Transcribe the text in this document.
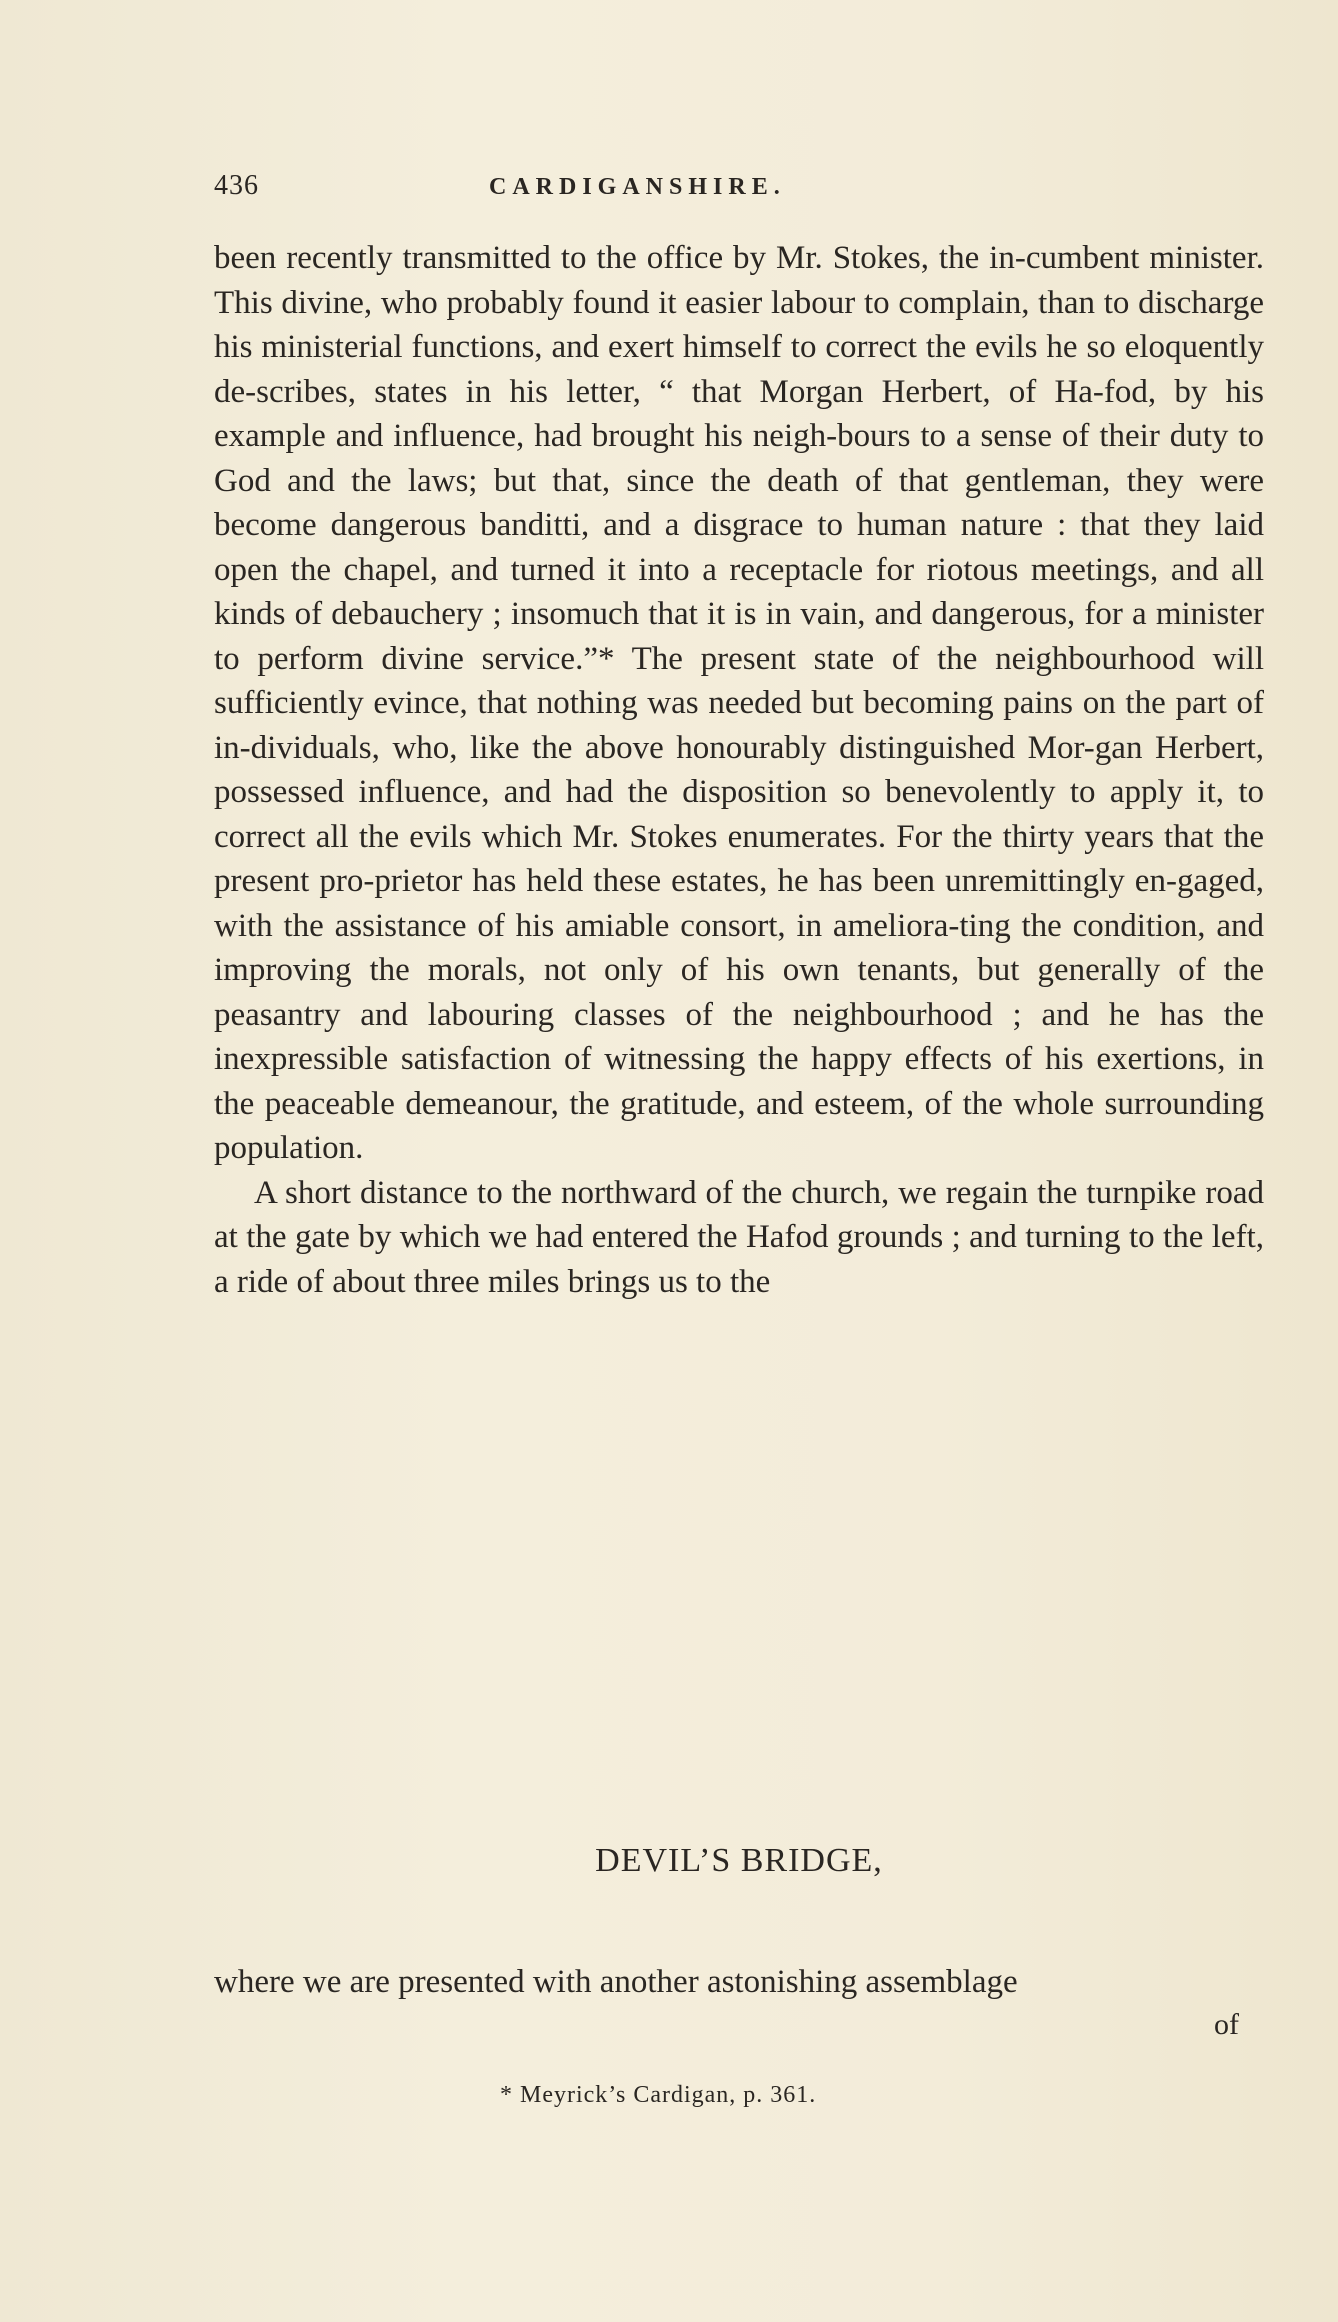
436	CARDIGANSHIRE.

been recently transmitted to the office by Mr. Stokes, the in-cumbent minister. This divine, who probably found it easier labour to complain, than to discharge his ministerial functions, and exert himself to correct the evils he so eloquently de-scribes, states in his letter, “ that Morgan Herbert, of Ha-fod, by his example and influence, had brought his neigh-bours to a sense of their duty to God and the laws; but that, since the death of that gentleman, they were become dangerous banditti, and a disgrace to human nature : that they laid open the chapel, and turned it into a receptacle for riotous meetings, and all kinds of debauchery ; insomuch that it is in vain, and dangerous, for a minister to perform divine service.”* The present state of the neighbourhood will sufficiently evince, that nothing was needed but becoming pains on the part of in-dividuals, who, like the above honourably distinguished Mor-gan Herbert, possessed influence, and had the disposition so benevolently to apply it, to correct all the evils which Mr. Stokes enumerates. For the thirty years that the present pro-prietor has held these estates, he has been unremittingly en-gaged, with the assistance of his amiable consort, in ameliora-ting the condition, and improving the morals, not only of his own tenants, but generally of the peasantry and labouring classes of the neighbourhood ; and he has the inexpressible satisfaction of witnessing the happy effects of his exertions, in the peaceable demeanour, the gratitude, and esteem, of the whole surrounding population.

A short distance to the northward of the church, we regain the turnpike road at the gate by which we had entered the Hafod grounds ; and turning to the left, a ride of about three miles brings us to the

DEVIL’S BRIDGE,
where we are presented with another astonishing assemblage
of
* Meyrick’s Cardigan, p. 361.
